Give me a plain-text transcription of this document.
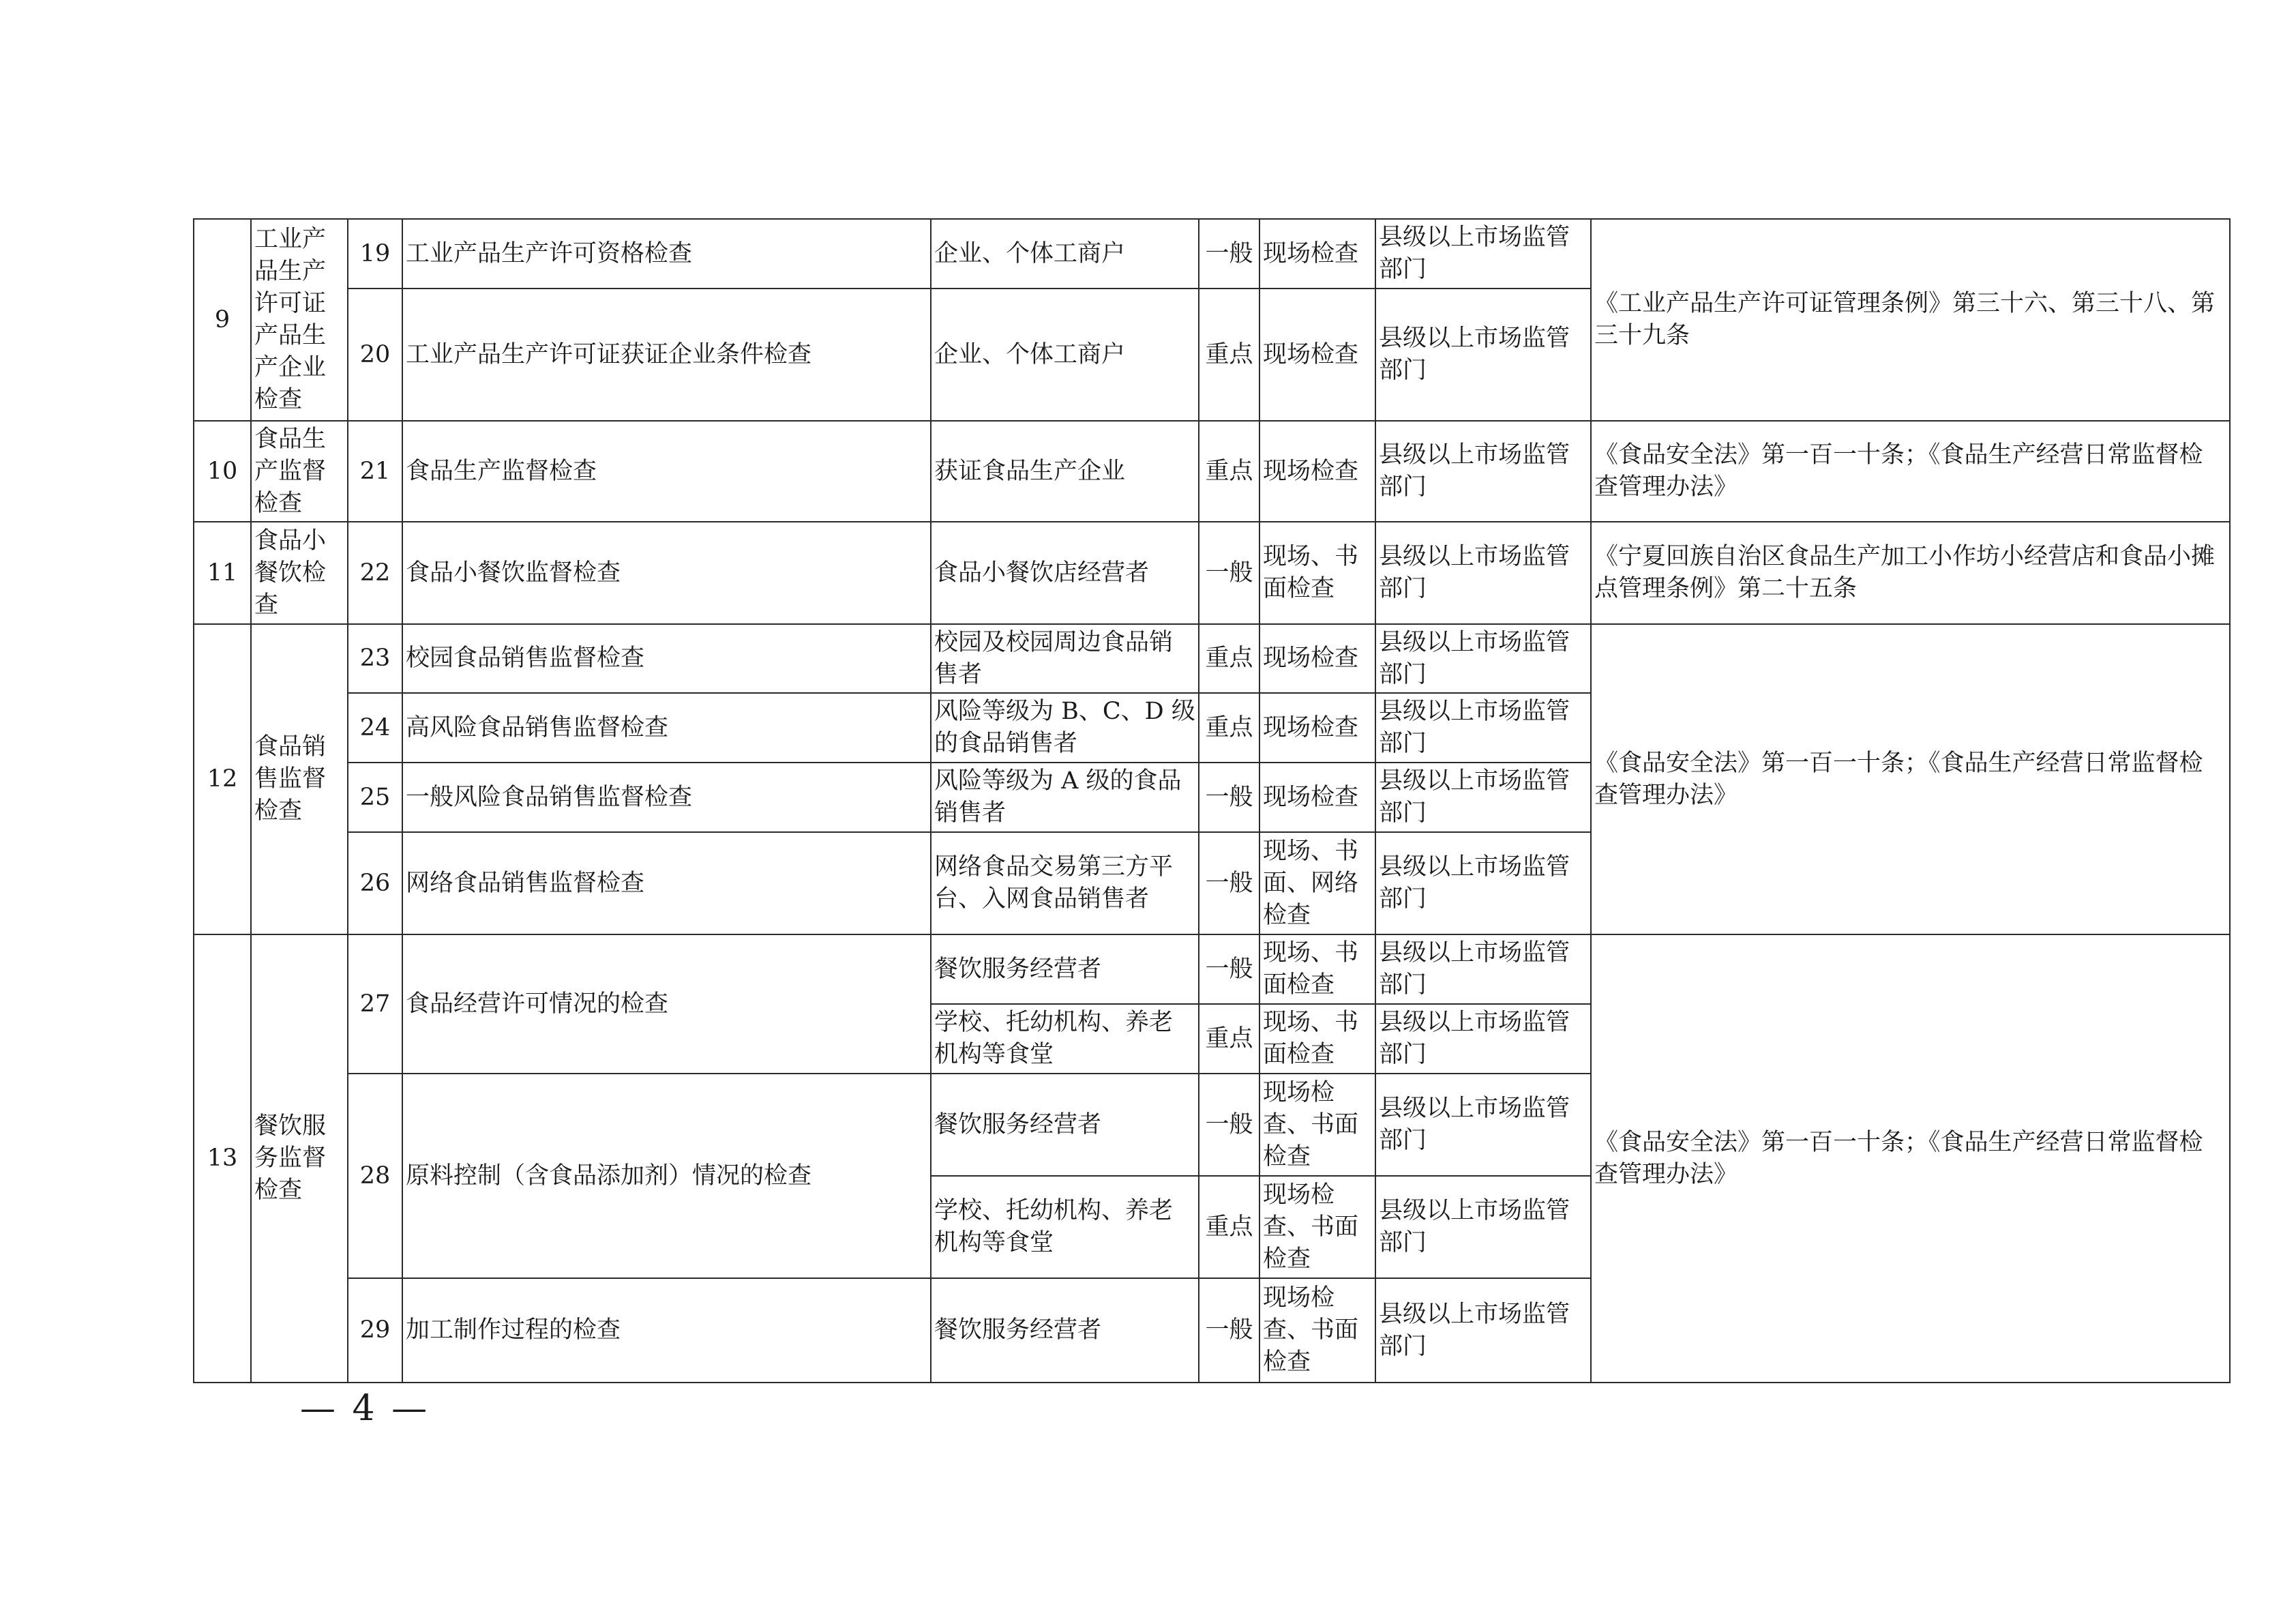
9	工业产品生产许可证产品生产企业检查	19	工业产品生产许可资格检查	企业、个体工商户	一般	现场检查	县级以上市场监管部门	《工业产品生产许可证管理条例》第三十六、第三十八、第三十九条
		20	工业产品生产许可证获证企业条件检查	企业、个体工商户	重点	现场检查	县级以上市场监管部门	
10	食品生产监督检查	21	食品生产监督检查	获证食品生产企业	重点	现场检查	县级以上市场监管部门	《食品安全法》第一百一十条；《食品生产经营日常监督检查管理办法》
11	食品小餐饮检查	22	食品小餐饮监督检查	食品小餐饮店经营者	一般	现场、书面检查	县级以上市场监管部门	《宁夏回族自治区食品生产加工小作坊小经营店和食品小摊点管理条例》第二十五条
12	食品销售监督检查	23	校园食品销售监督检查	校园及校园周边食品销售者	重点	现场检查	县级以上市场监管部门	《食品安全法》第一百一十条；《食品生产经营日常监督检查管理办法》
		24	高风险食品销售监督检查	风险等级为 B、C、D 级的食品销售者	重点	现场检查	县级以上市场监管部门	
		25	一般风险食品销售监督检查	风险等级为 A 级的食品销售者	一般	现场检查	县级以上市场监管部门	
		26	网络食品销售监督检查	网络食品交易第三方平台、入网食品销售者	一般	现场、书面、网络检查	县级以上市场监管部门	
13	餐饮服务监督检查	27	食品经营许可情况的检查	餐饮服务经营者	一般	现场、书面检查	县级以上市场监管部门	《食品安全法》第一百一十条；《食品生产经营日常监督检查管理办法》
				学校、托幼机构、养老机构等食堂	重点	现场、书面检查	县级以上市场监管部门	
		28	原料控制（含食品添加剂）情况的检查	餐饮服务经营者	一般	现场检查、书面检查	县级以上市场监管部门	
				学校、托幼机构、养老机构等食堂	重点	现场检查、书面检查	县级以上市场监管部门	
		29	加工制作过程的检查	餐饮服务经营者	一般	现场检查、书面检查	县级以上市场监管部门	
— 4 —
